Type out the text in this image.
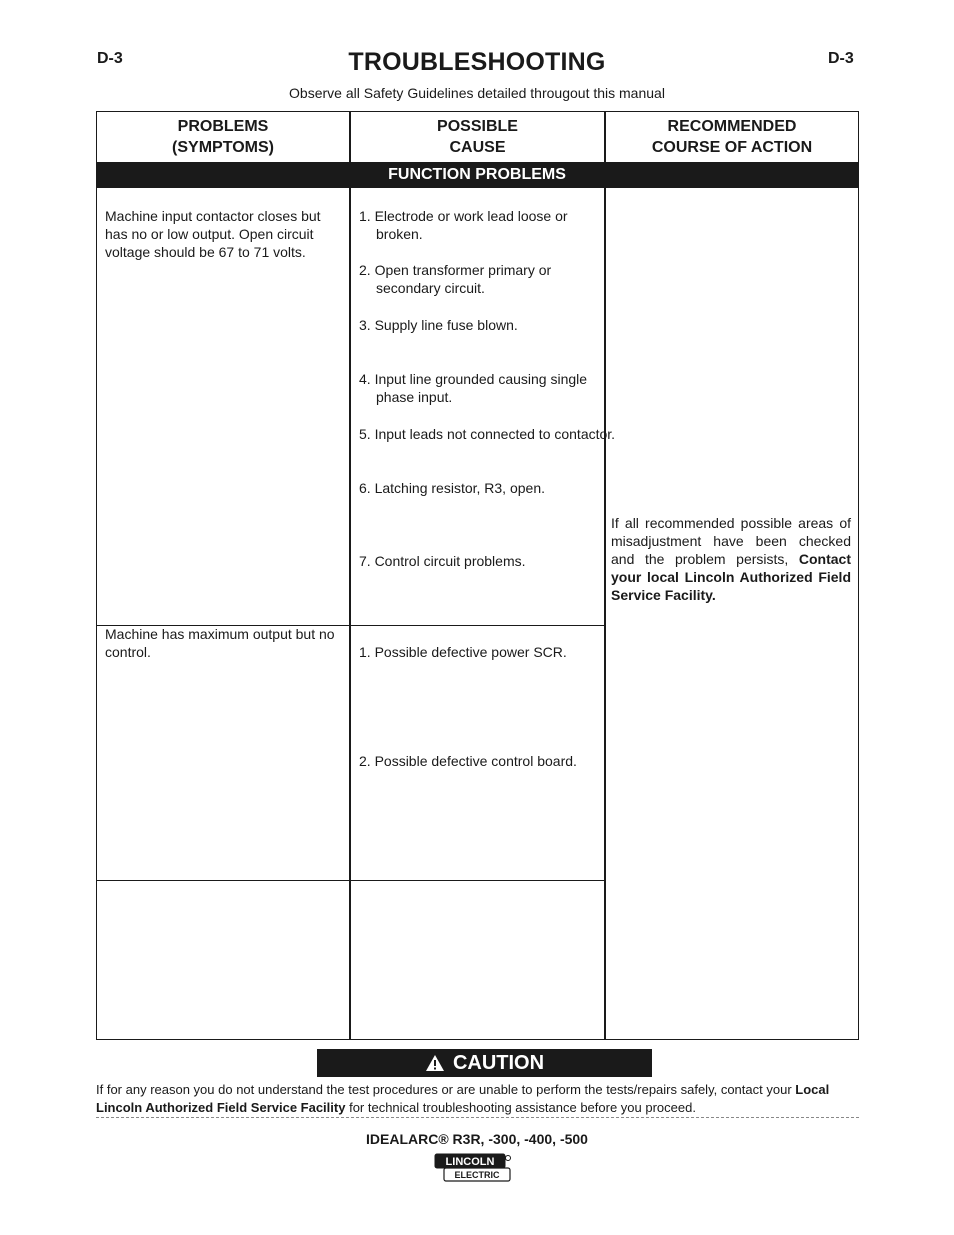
D-3	D-3
TROUBLESHOOTING
Observe all Safety Guidelines detailed througout this manual
PROBLEMS
(SYMPTOMS)
POSSIBLE
CAUSE
RECOMMENDED
COURSE OF ACTION
FUNCTION PROBLEMS
Machine input contactor closes but has no or low output. Open circuit voltage should be 67 to 71 volts.
1. Electrode or work lead loose or broken.
2. Open transformer primary or secondary circuit.
3. Supply line fuse blown.
4. Input line grounded causing single phase input.
5. Input leads not connected to contactor.
6. Latching resistor, R3, open.
7. Control circuit problems.
Machine has maximum output but no control.	1. Possible defective power SCR.
2. Possible defective control board.
If all recommended possible areas of misadjustment have been checked and the problem persists, Contact your local Lincoln Authorized Field Service Facility.
CAUTION
If for any reason you do not understand the test procedures or are unable to perform the tests/repairs safely, contact your Local Lincoln Authorized Field Service Facility for technical troubleshooting assistance before you proceed.
IDEALARC® R3R, -300, -400, -500
LINCOLN
ELECTRIC
